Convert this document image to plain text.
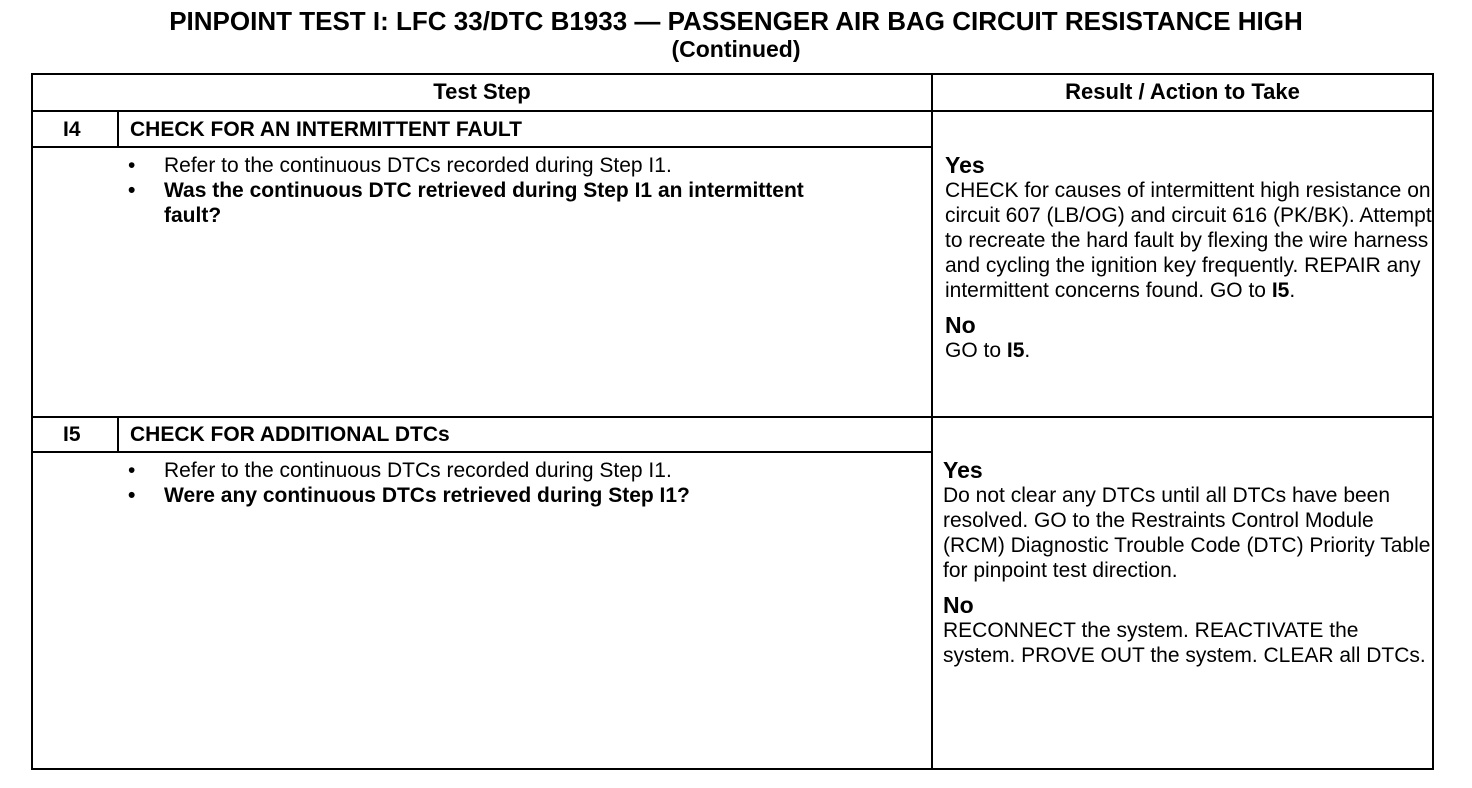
PINPOINT TEST I: LFC 33/DTC B1933 — PASSENGER AIR BAG CIRCUIT RESISTANCE HIGH
(Continued)
Test Step	Result / Action to Take
I4 CHECK FOR AN INTERMITTENT FAULT
• Refer to the continuous DTCs recorded during Step I1.
• Was the continuous DTC retrieved during Step I1 an intermittent fault?
Yes
CHECK for causes of intermittent high resistance on circuit 607 (LB/OG) and circuit 616 (PK/BK). Attempt to recreate the hard fault by flexing the wire harness and cycling the ignition key frequently. REPAIR any intermittent concerns found. GO to I5.
No
GO to I5.
I5 CHECK FOR ADDITIONAL DTCs
• Refer to the continuous DTCs recorded during Step I1.
• Were any continuous DTCs retrieved during Step I1?
Yes
Do not clear any DTCs until all DTCs have been resolved. GO to the Restraints Control Module (RCM) Diagnostic Trouble Code (DTC) Priority Table for pinpoint test direction.
No
RECONNECT the system. REACTIVATE the system. PROVE OUT the system. CLEAR all DTCs.
